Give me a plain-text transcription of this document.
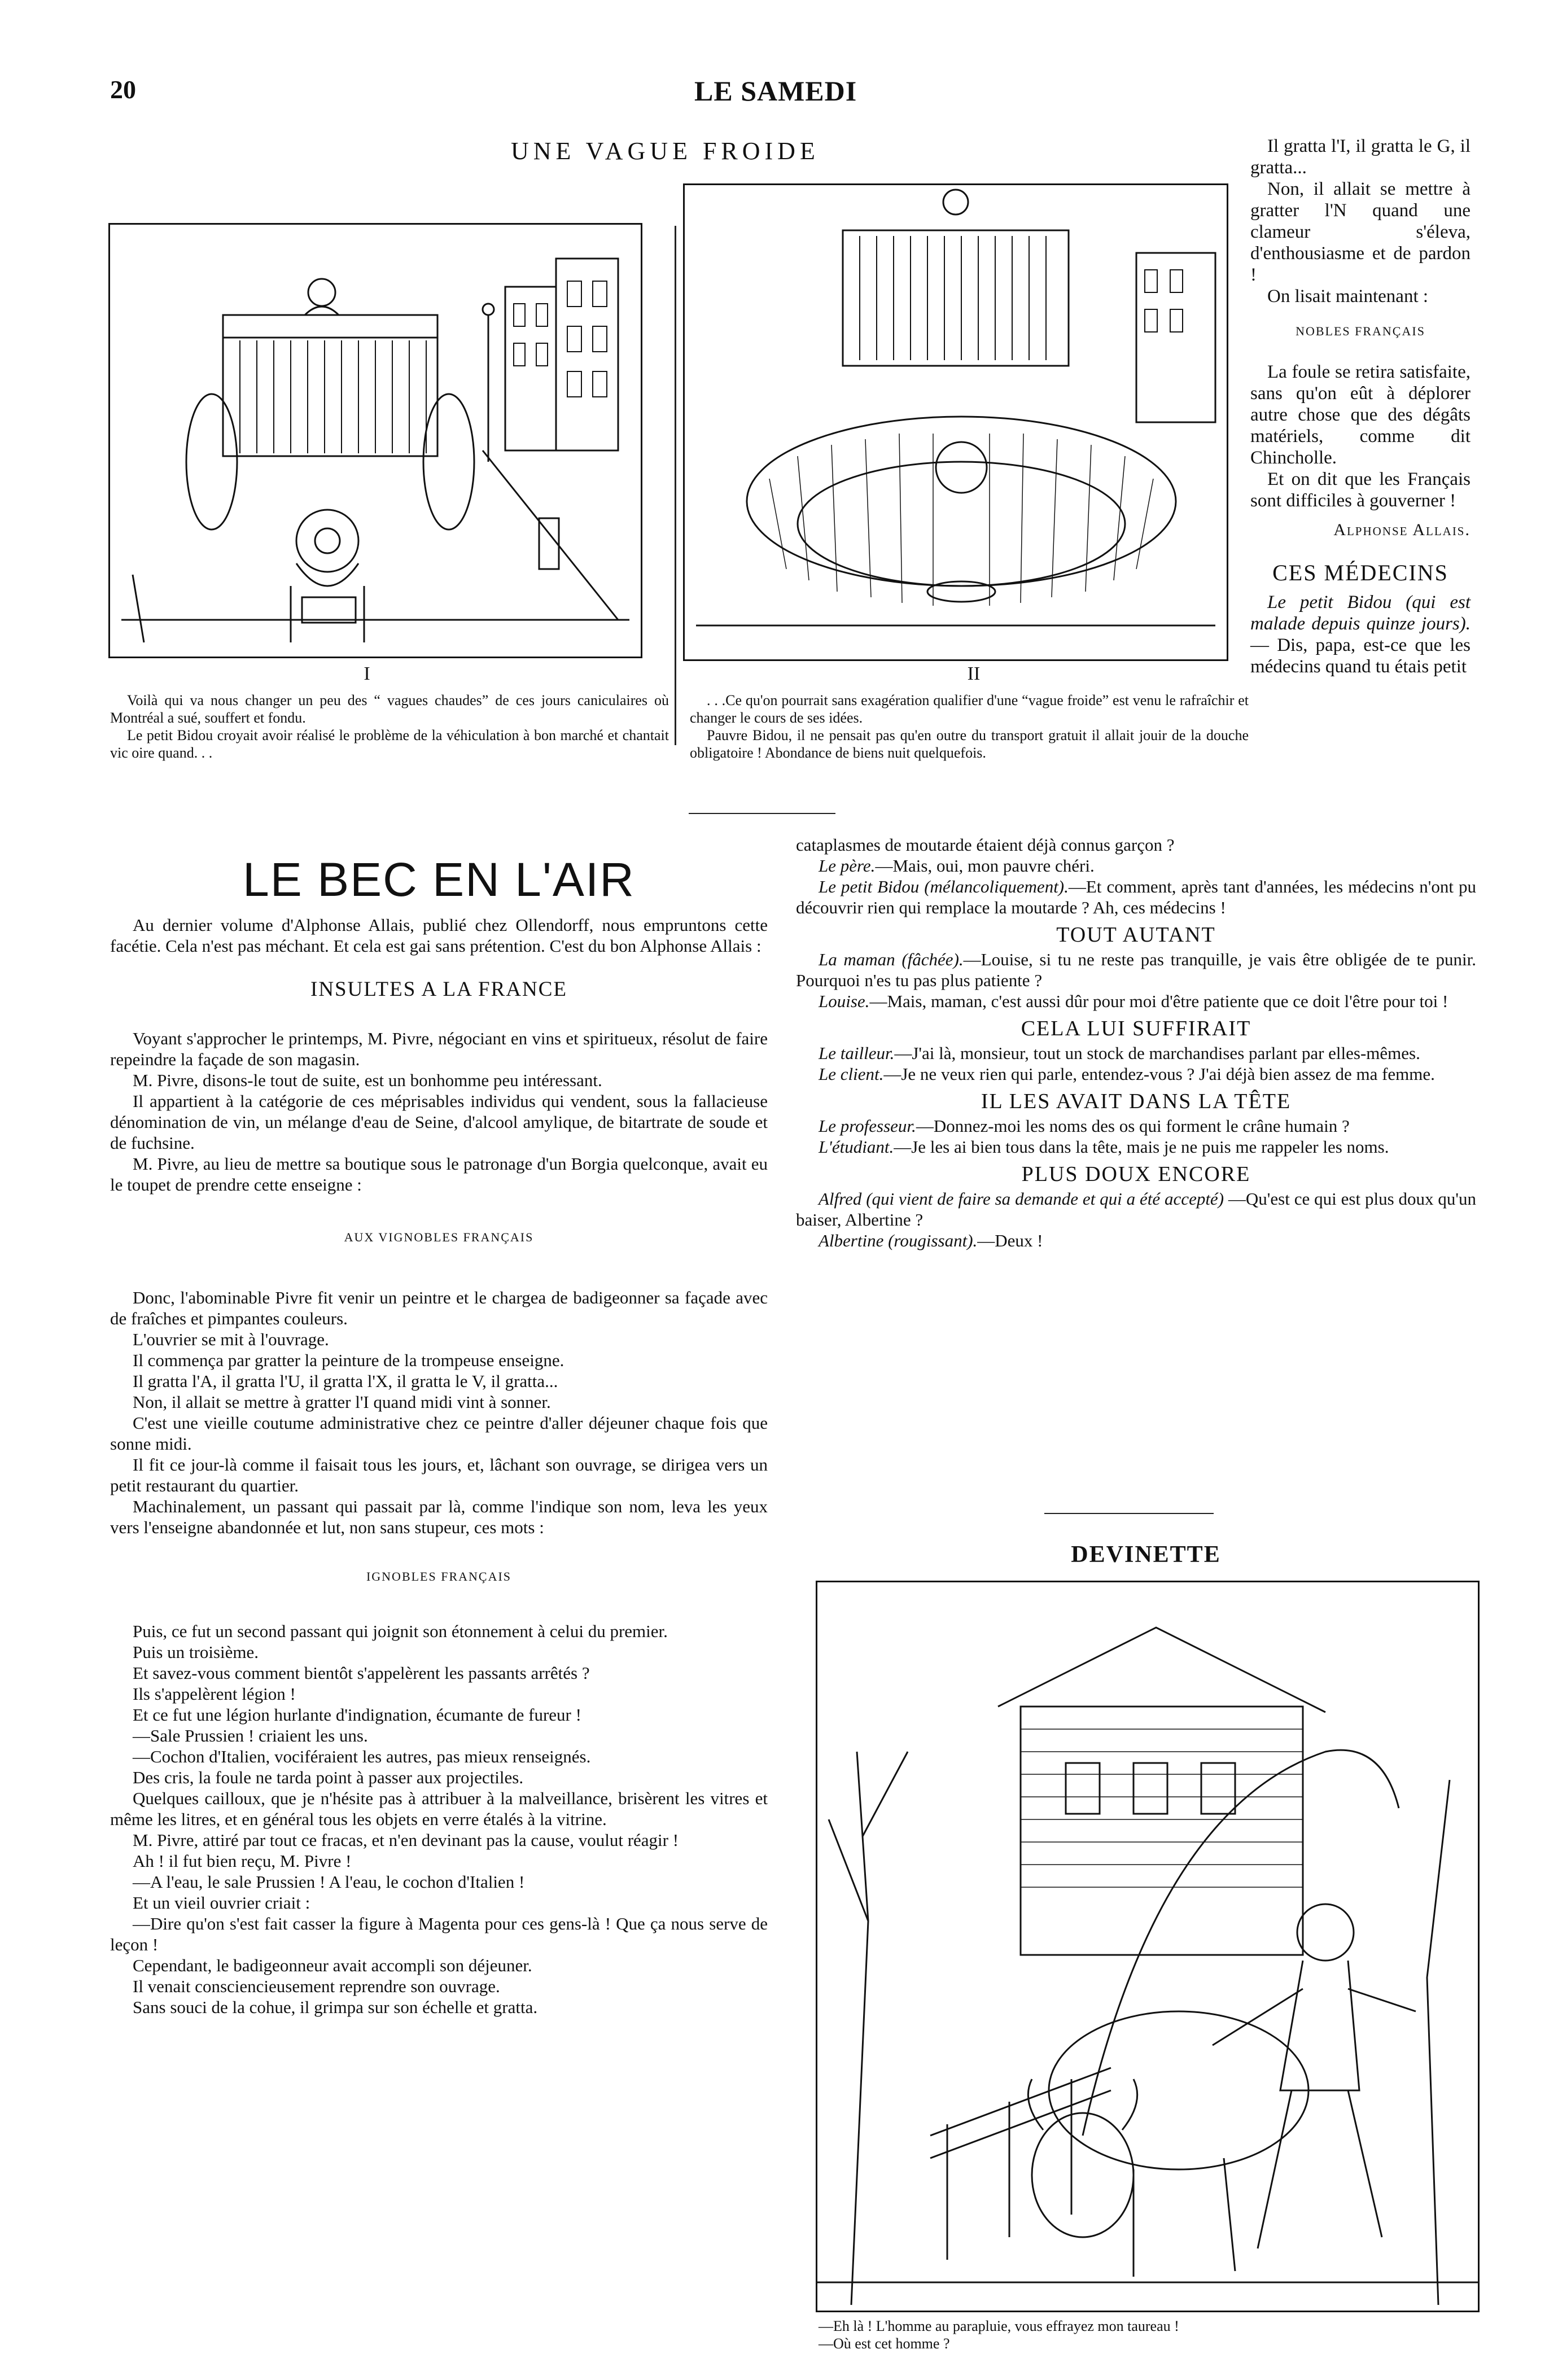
20	LE SAMEDI
UNE VAGUE FROIDE
I

Voilà qui va nous changer un peu des “ vagues chaudes” de ces jours caniculaires où Montréal a sué, souffert et fondu.

Le petit Bidou croyait avoir réalisé le problème de la véhiculation à bon marché et chantait vic oire quand. . .

II

. . .Ce qu'on pourrait sans exagération qualifier d'une “vague froide” est venu le rafraîchir et changer le cours de ses idées.

Pauvre Bidou, il ne pensait pas qu'en outre du transport gratuit il allait jouir de la douche obligatoire ! Abondance de biens nuit quelquefois.

Il gratta l'I, il gratta le G, il gratta...

Non, il allait se mettre à gratter l'N quand une clameur s'éleva, d'enthousiasme et de pardon !

On lisait maintenant :

NOBLES FRANÇAIS

La foule se retira satisfaite, sans qu'on eût à déplorer autre chose que des dégâts matériels, comme dit Chincholle.

Et on dit que les Français sont difficiles à gouverner !

Alphonse Allais.

CES MÉDECINS

Le petit Bidou (qui est malade depuis quinze jours). — Dis, papa, est-ce que les médecins quand tu étais petit

LE BEC EN L'AIR

Au dernier volume d'Alphonse Allais, publié chez Ollendorff, nous empruntons cette facétie. Cela n'est pas méchant. Et cela est gai sans prétention. C'est du bon Alphonse Allais :

INSULTES A LA FRANCE

Voyant s'approcher le printemps, M. Pivre, négociant en vins et spiritueux, résolut de faire repeindre la façade de son magasin.

M. Pivre, disons-le tout de suite, est un bonhomme peu intéressant.

Il appartient à la catégorie de ces méprisables individus qui vendent, sous la fallacieuse dénomination de vin, un mélange d'eau de Seine, d'alcool amylique, de bitartrate de soude et de fuchsine.

M. Pivre, au lieu de mettre sa boutique sous le patronage d'un Borgia quelconque, avait eu le toupet de prendre cette enseigne :

AUX VIGNOBLES FRANÇAIS

Donc, l'abominable Pivre fit venir un peintre et le chargea de badigeonner sa façade avec de fraîches et pimpantes couleurs.

L'ouvrier se mit à l'ouvrage.

Il commença par gratter la peinture de la trompeuse enseigne.

Il gratta l'A, il gratta l'U, il gratta l'X, il gratta le V, il gratta...

Non, il allait se mettre à gratter l'I quand midi vint à sonner.

C'est une vieille coutume administrative chez ce peintre d'aller déjeuner chaque fois que sonne midi.

Il fit ce jour-là comme il faisait tous les jours, et, lâchant son ouvrage, se dirigea vers un petit restaurant du quartier.

Machinalement, un passant qui passait par là, comme l'indique son nom, leva les yeux vers l'enseigne abandonnée et lut, non sans stupeur, ces mots :

IGNOBLES FRANÇAIS

Puis, ce fut un second passant qui joignit son étonnement à celui du premier.

Puis un troisième.

Et savez-vous comment bientôt s'appelèrent les passants arrêtés ?

Ils s'appelèrent légion !

Et ce fut une légion hurlante d'indignation, écumante de fureur !

—Sale Prussien ! criaient les uns.

—Cochon d'Italien, vociféraient les autres, pas mieux renseignés.

Des cris, la foule ne tarda point à passer aux projectiles.

Quelques cailloux, que je n'hésite pas à attribuer à la malveillance, brisèrent les vitres et même les litres, et en général tous les objets en verre étalés à la vitrine.

M. Pivre, attiré par tout ce fracas, et n'en devinant pas la cause, voulut réagir !

Ah ! il fut bien reçu, M. Pivre !

—A l'eau, le sale Prussien ! A l'eau, le cochon d'Italien !

Et un vieil ouvrier criait :

—Dire qu'on s'est fait casser la figure à Magenta pour ces gens-là ! Que ça nous serve de leçon !

Cependant, le badigeonneur avait accompli son déjeuner.

Il venait consciencieusement reprendre son ouvrage.

Sans souci de la cohue, il grimpa sur son échelle et gratta.

cataplasmes de moutarde étaient déjà connus garçon ?

Le père.—Mais, oui, mon pauvre chéri.

Le petit Bidou (mélancoliquement).—Et comment, après tant d'années, les médecins n'ont pu découvrir rien qui remplace la moutarde ? Ah, ces médecins !

TOUT AUTANT

La maman (fâchée).—Louise, si tu ne reste pas tranquille, je vais être obligée de te punir. Pourquoi n'es tu pas plus patiente ?

Louise.—Mais, maman, c'est aussi dûr pour moi d'être patiente que ce doit l'être pour toi !

CELA LUI SUFFIRAIT

Le tailleur.—J'ai là, monsieur, tout un stock de marchandises parlant par elles-mêmes.

Le client.—Je ne veux rien qui parle, entendez-vous ? J'ai déjà bien assez de ma femme.

IL LES AVAIT DANS LA TÊTE

Le professeur.—Donnez-moi les noms des os qui forment le crâne humain ?

L'étudiant.—Je les ai bien tous dans la tête, mais je ne puis me rappeler les noms.

PLUS DOUX ENCORE

Alfred (qui vient de faire sa demande et qui a été accepté) —Qu'est ce qui est plus doux qu'un baiser, Albertine ?

Albertine (rougissant).—Deux !

DEVINETTE

—Eh là ! L'homme au parapluie, vous effrayez mon taureau !

—Où est cet homme ?
